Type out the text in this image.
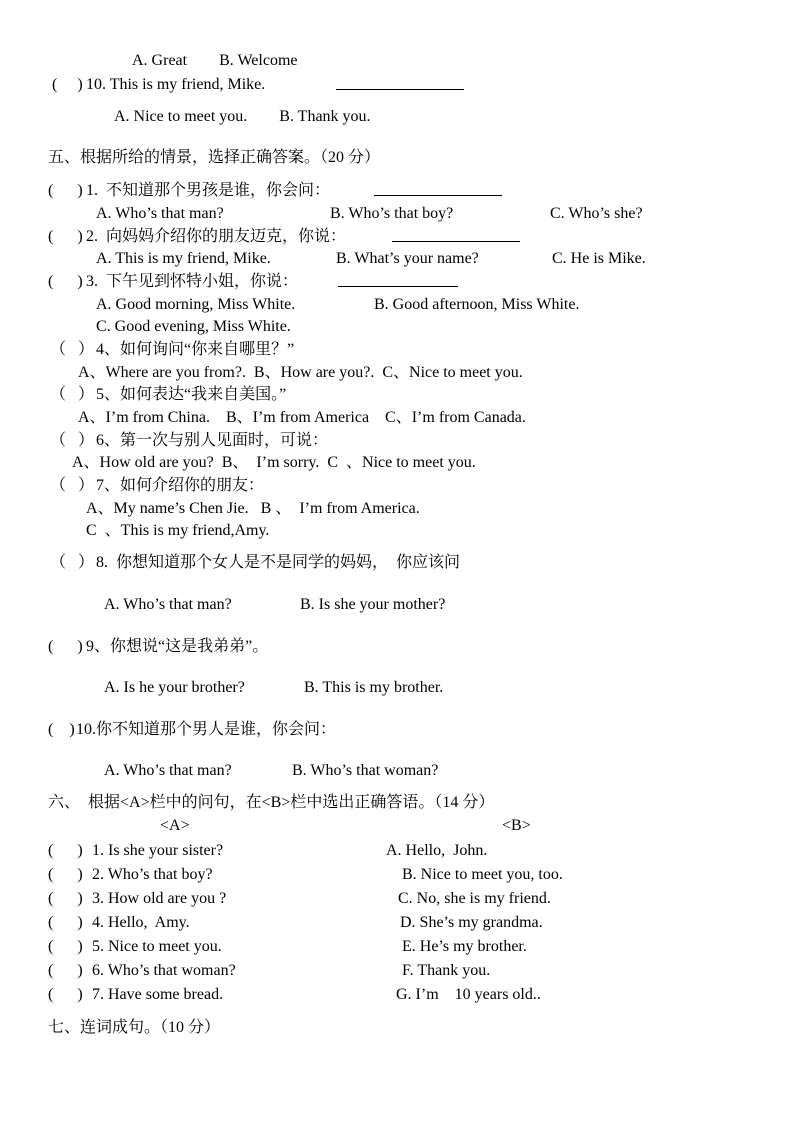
A. Great        B. Welcome
(     ) 10. This is my friend, Mike.
A. Nice to meet you.        B. Thank you.
五、根据所给的情景，选择正确答案。（20 分）
(      ) 1.  不知道那个男孩是谁，你会问：
A. Who’s that man?	B. Who’s that boy?	C. Who’s she?
(      ) 2.  向妈妈介绍你的朋友迈克，你说：
A. This is my friend, Mike.	B. What’s your name?	C. He is Mike.
(      ) 3.  下午见到怀特小姐，你说：
A. Good morning, Miss White.	B. Good afternoon, Miss White.
C. Good evening, Miss White.
（   ） 4、如何询问“你来自哪里？”
A、Where are you from?.  B、How are you?.  C、Nice to meet you.
（   ） 5、如何表达“我来自美国。”
A、I’m from China.    B、I’m from America    C、I’m from Canada.
（   ） 6、第一次与别人见面时，可说：
A、How old are you?  B、  I’m sorry.  C  、Nice to meet you.
（   ） 7、如何介绍你的朋友：
A、My name’s Chen Jie.   B 、  I’m from America.
C  、This is my friend,Amy.
（   ） 8.  你想知道那个女人是不是同学的妈妈，  你应该问
A. Who’s that man?	B. Is she your mother?
(      ) 9、你想说“这是我弟弟”。
A. Is he your brother?	B. This is my brother.
(    ) 10.你不知道那个男人是谁，你会问：
A. Who’s that man?	B. Who’s that woman?
六、  根据<A>栏中的问句，在<B>栏中选出正确答语。（14 分）
<A>	<B>
(      ) 1. Is she your sister?	A. Hello,  John.
(      ) 2. Who’s that boy?	B. Nice to meet you, too.
(      ) 3. How old are you ?	C. No, she is my friend.
(      ) 4. Hello,  Amy.	D. She’s my grandma.
(      ) 5. Nice to meet you.	E. He’s my brother.
(      ) 6. Who’s that woman?	F. Thank you.
(      ) 7. Have some bread.	G. I’m    10 years old..
七、连词成句。（10 分）
